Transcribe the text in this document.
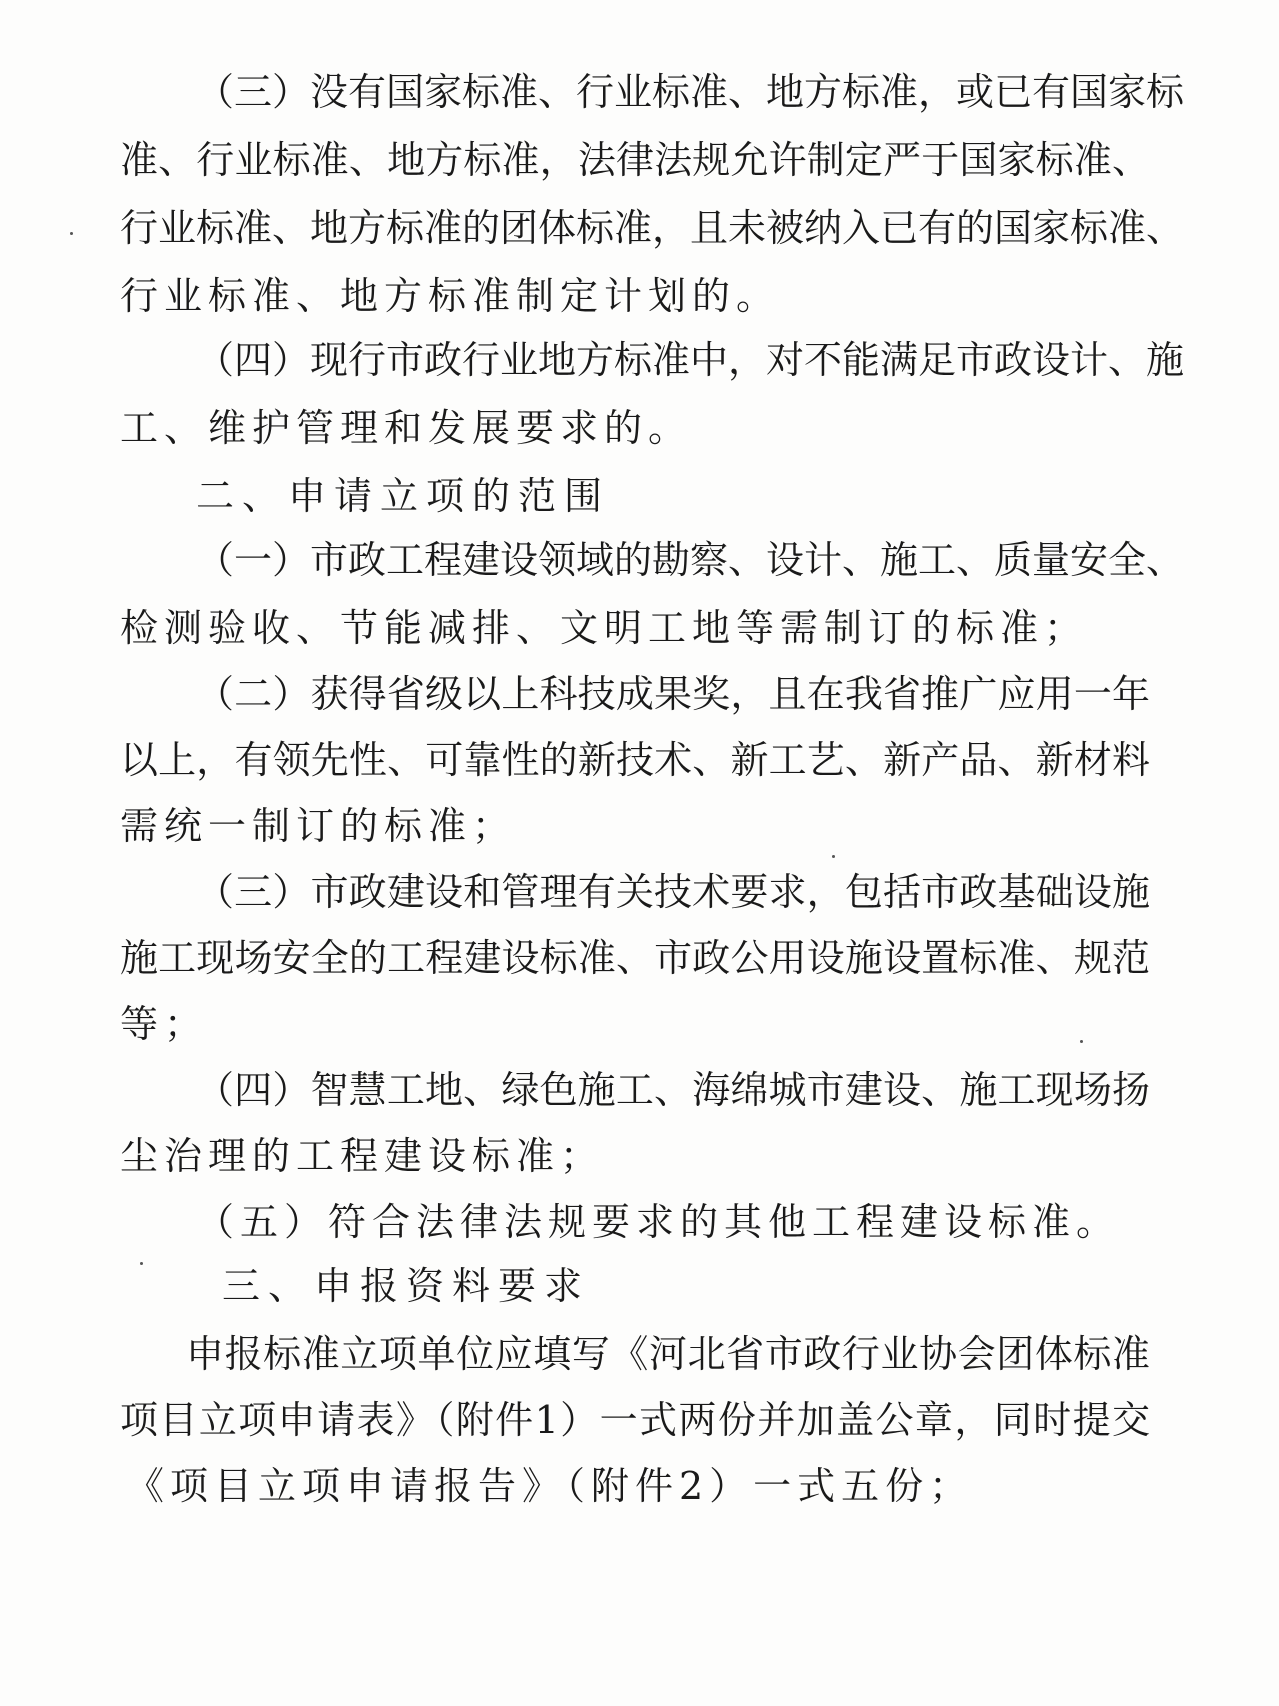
（三）没有国家标准、行业标准、地方标准，或已有国家标
准、行业标准、地方标准，法律法规允许制定严于国家标准、
行业标准、地方标准的团体标准，且未被纳入已有的国家标准、
行业标准、地方标准制定计划的。
（四）现行市政行业地方标准中，对不能满足市政设计、施
工、维护管理和发展要求的。
二、申请立项的范围
（一）市政工程建设领域的勘察、设计、施工、质量安全、
检测验收、节能减排、文明工地等需制订的标准；
（二）获得省级以上科技成果奖，且在我省推广应用一年
以上，有领先性、可靠性的新技术、新工艺、新产品、新材料
需统一制订的标准；
（三）市政建设和管理有关技术要求，包括市政基础设施
施工现场安全的工程建设标准、市政公用设施设置标准、规范
等；
（四）智慧工地、绿色施工、海绵城市建设、施工现场扬
尘治理的工程建设标准；
（五）符合法律法规要求的其他工程建设标准。
三、申报资料要求
申报标准立项单位应填写《河北省市政行业协会团体标准
项目立项申请表》（附件1）一式两份并加盖公章，同时提交
《项目立项申请报告》（附件2）一式五份；
